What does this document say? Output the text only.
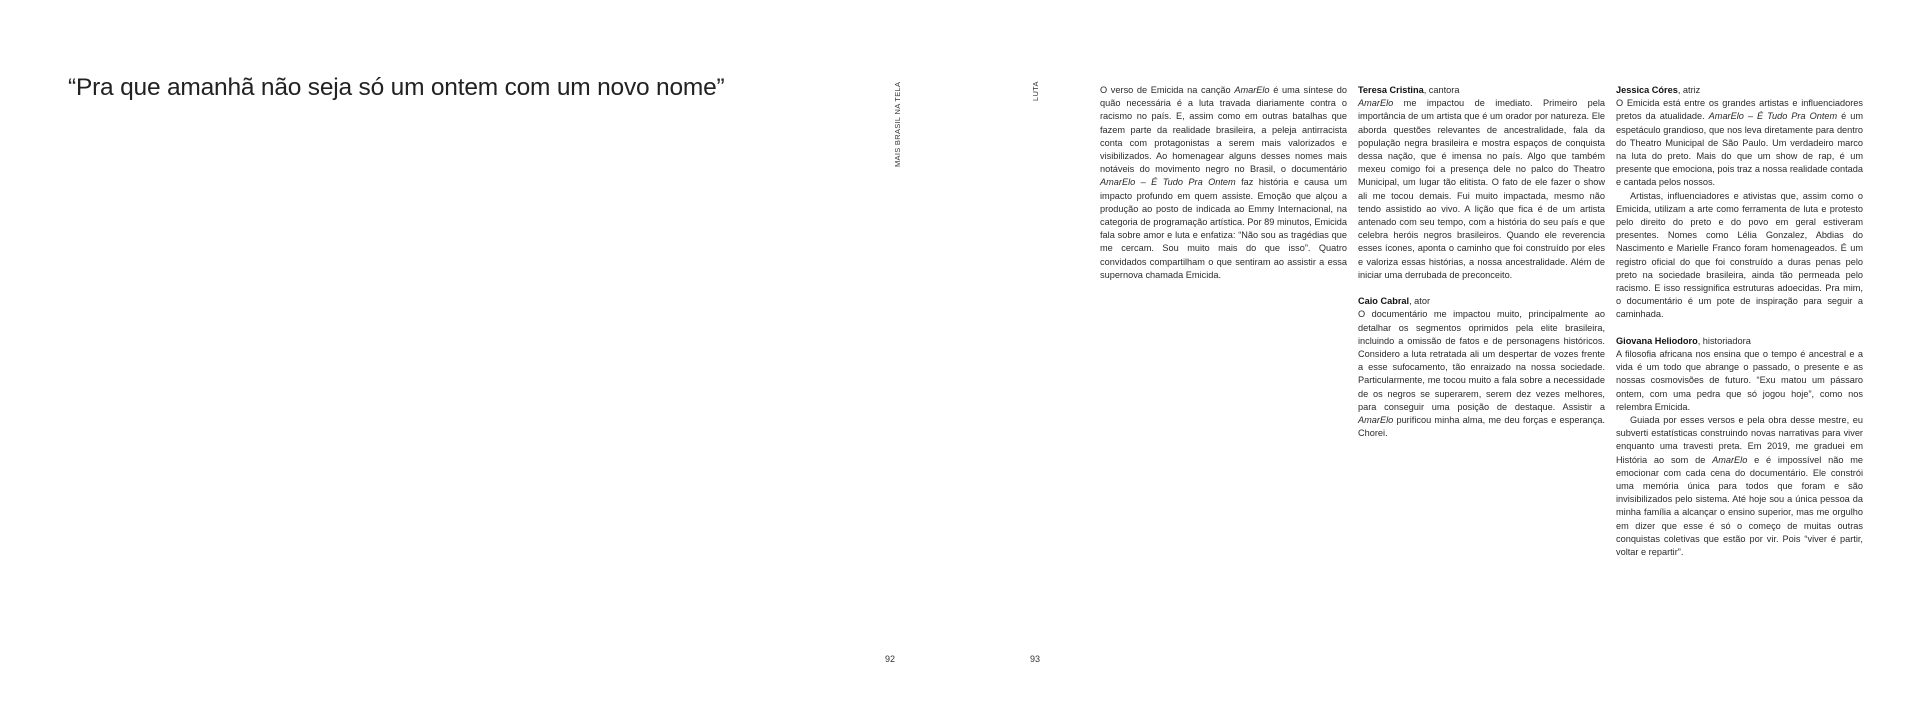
“Pra que amanhã não seja só um ontem com um novo nome”	MAIS BRASIL NA TELA	LUTA
92	93

O verso de Emicida na canção AmarElo é uma síntese do quão necessária é a luta travada diariamente contra o racismo no país. E, assim como em outras batalhas que fazem parte da realidade brasileira, a peleja antirracista conta com protagonistas a serem mais valorizados e visibilizados. Ao homenagear alguns desses nomes mais notáveis do movimento negro no Brasil, o documentário AmarElo – É Tudo Pra Ontem faz história e causa um impacto profundo em quem assiste. Emoção que alçou a produção ao posto de indicada ao Emmy Internacional, na categoria de programação artística. Por 89 minutos, Emicida fala sobre amor e luta e enfatiza: “Não sou as tragédias que me cercam. Sou muito mais do que isso”. Quatro convidados compartilham o que sentiram ao assistir a essa supernova chamada Emicida.

Teresa Cristina, cantora

AmarElo me impactou de imediato. Primeiro pela importância de um artista que é um orador por natureza. Ele aborda questões relevantes de ancestralidade, fala da população negra brasileira e mostra espaços de conquista dessa nação, que é imensa no país. Algo que também mexeu comigo foi a presença dele no palco do Theatro Municipal, um lugar tão elitista. O fato de ele fazer o show ali me tocou demais. Fui muito impactada, mesmo não tendo assistido ao vivo. A lição que fica é de um artista antenado com seu tempo, com a história do seu país e que celebra heróis negros brasileiros. Quando ele reverencia esses ícones, aponta o caminho que foi construído por eles e valoriza essas histórias, a nossa ancestralidade. Além de iniciar uma derrubada de preconceito.

Caio Cabral, ator

O documentário me impactou muito, principalmente ao detalhar os segmentos oprimidos pela elite brasileira, incluindo a omissão de fatos e de personagens históricos. Considero a luta retratada ali um despertar de vozes frente a esse sufocamento, tão enraizado na nossa sociedade. Particularmente, me tocou muito a fala sobre a necessidade de os negros se superarem, serem dez vezes melhores, para conseguir uma posição de destaque. Assistir a AmarElo purificou minha alma, me deu forças e esperança. Chorei.

Jessica Córes, atriz

O Emicida está entre os grandes artistas e influenciadores pretos da atualidade. AmarElo – É Tudo Pra Ontem é um espetáculo grandioso, que nos leva diretamente para dentro do Theatro Municipal de São Paulo. Um verdadeiro marco na luta do preto. Mais do que um show de rap, é um presente que emociona, pois traz a nossa realidade contada e cantada pelos nossos.

Artistas, influenciadores e ativistas que, assim como o Emicida, utilizam a arte como ferramenta de luta e protesto pelo direito do preto e do povo em geral estiveram presentes. Nomes como Lélia Gonzalez, Abdias do Nascimento e Marielle Franco foram homenageados. É um registro oficial do que foi construído a duras penas pelo preto na sociedade brasileira, ainda tão permeada pelo racismo. E isso ressignifica estruturas adoecidas. Pra mim, o documentário é um pote de inspiração para seguir a caminhada.

Giovana Heliodoro, historiadora

A filosofia africana nos ensina que o tempo é ancestral e a vida é um todo que abrange o passado, o presente e as nossas cosmovisões de futuro. “Exu matou um pássaro ontem, com uma pedra que só jogou hoje”, como nos relembra Emicida.

Guiada por esses versos e pela obra desse mestre, eu subverti estatísticas construindo novas narrativas para viver enquanto uma travesti preta. Em 2019, me graduei em História ao som de AmarElo e é impossível não me emocionar com cada cena do documentário. Ele constrói uma memória única para todos que foram e são invisibilizados pelo sistema. Até hoje sou a única pessoa da minha família a alcançar o ensino superior, mas me orgulho em dizer que esse é só o começo de muitas outras conquistas coletivas que estão por vir. Pois “viver é partir, voltar e repartir”.
